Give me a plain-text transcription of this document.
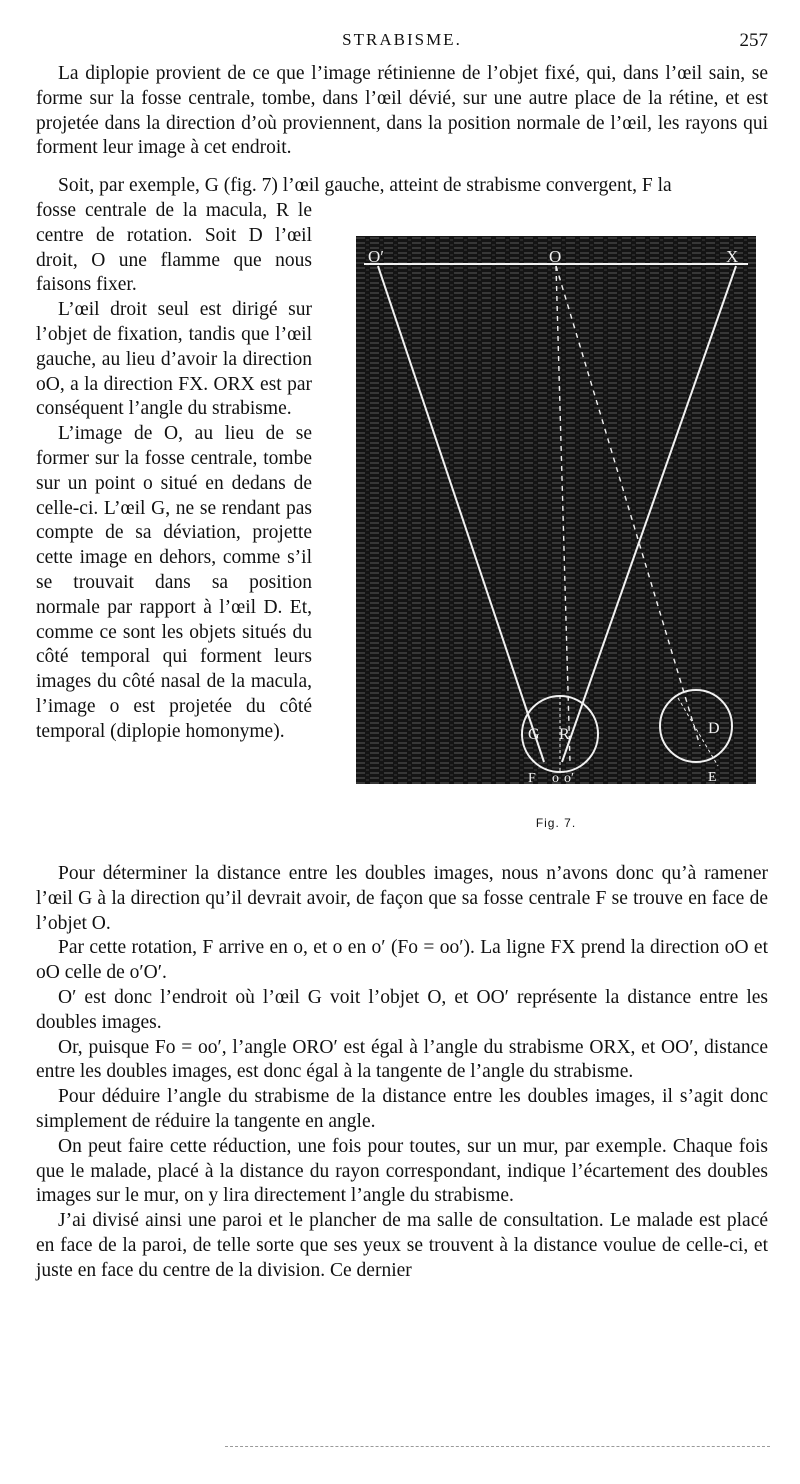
STRABISME.	257

La diplopie provient de ce que l’image rétinienne de l’objet fixé, qui, dans l’œil sain, se forme sur la fosse centrale, tombe, dans l’œil dévié, sur une autre place de la rétine, et est projetée dans la direction d’où proviennent, dans la position normale de l’œil, les rayons qui forment leur image à cet endroit.

Soit, par exemple, G (fig. 7) l’œil gauche, atteint de strabisme convergent, F la

fosse centrale de la macula, R le centre de rotation. Soit D l’œil droit, O une flamme que nous faisons fixer.

L’œil droit seul est dirigé sur l’objet de fixation, tandis que l’œil gauche, au lieu d’avoir la direction oO, a la direction FX. ORX est par conséquent l’angle du strabisme.

L’image de O, au lieu de se former sur la fosse centrale, tombe sur un point o situé en dedans de celle-ci. L’œil G, ne se rendant pas compte de sa déviation, projette cette image en dehors, comme s’il se trouvait dans sa position normale par rapport à l’œil D. Et, comme ce sont les objets situés du côté temporal qui forment leurs images du côté nasal de la macula, l’image o est projetée du côté temporal (diplopie homonyme).

O′	O	X
G R	D
F o o′	E
Fig. 7.

Pour déterminer la distance entre les doubles images, nous n’avons donc qu’à ramener l’œil G à la direction qu’il devrait avoir, de façon que sa fosse centrale F se trouve en face de l’objet O.

Par cette rotation, F arrive en o, et o en o′ (Fo = oo′). La ligne FX prend la direction oO et oO celle de o′O′.

O′ est donc l’endroit où l’œil G voit l’objet O, et OO′ représente la distance entre les doubles images.

Or, puisque Fo = oo′, l’angle ORO′ est égal à l’angle du strabisme ORX, et OO′, distance entre les doubles images, est donc égal à la tangente de l’angle du strabisme.

Pour déduire l’angle du strabisme de la distance entre les doubles images, il s’agit donc simplement de réduire la tangente en angle.

On peut faire cette réduction, une fois pour toutes, sur un mur, par exemple. Chaque fois que le malade, placé à la distance du rayon correspondant, indique l’écartement des doubles images sur le mur, on y lira directement l’angle du strabisme.

J’ai divisé ainsi une paroi et le plancher de ma salle de consultation. Le malade est placé en face de la paroi, de telle sorte que ses yeux se trouvent à la distance voulue de celle-ci, et juste en face du centre de la division. Ce dernier
